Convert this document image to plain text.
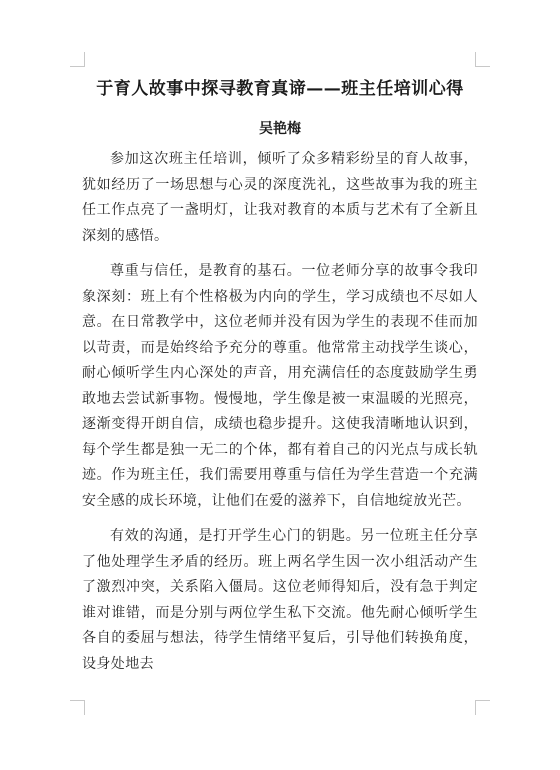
于育人故事中探寻教育真谛——班主任培训心得
吴艳梅

参加这次班主任培训，倾听了众多精彩纷呈的育人故事，犹如经历了一场思想与心灵的深度洗礼，这些故事为我的班主任工作点亮了一盏明灯，让我对教育的本质与艺术有了全新且深刻的感悟。

尊重与信任，是教育的基石。一位老师分享的故事令我印象深刻：班上有个性格极为内向的学生，学习成绩也不尽如人意。在日常教学中，这位老师并没有因为学生的表现不佳而加以苛责，而是始终给予充分的尊重。他常常主动找学生谈心，耐心倾听学生内心深处的声音，用充满信任的态度鼓励学生勇敢地去尝试新事物。慢慢地，学生像是被一束温暖的光照亮，逐渐变得开朗自信，成绩也稳步提升。这使我清晰地认识到，每个学生都是独一无二的个体，都有着自己的闪光点与成长轨迹。作为班主任，我们需要用尊重与信任为学生营造一个充满安全感的成长环境，让他们在爱的滋养下，自信地绽放光芒。

有效的沟通，是打开学生心门的钥匙。另一位班主任分享了他处理学生矛盾的经历。班上两名学生因一次小组活动产生了激烈冲突，关系陷入僵局。这位老师得知后，没有急于判定谁对谁错，而是分别与两位学生私下交流。他先耐心倾听学生各自的委屈与想法，待学生情绪平复后，引导他们转换角度，设身处地去
